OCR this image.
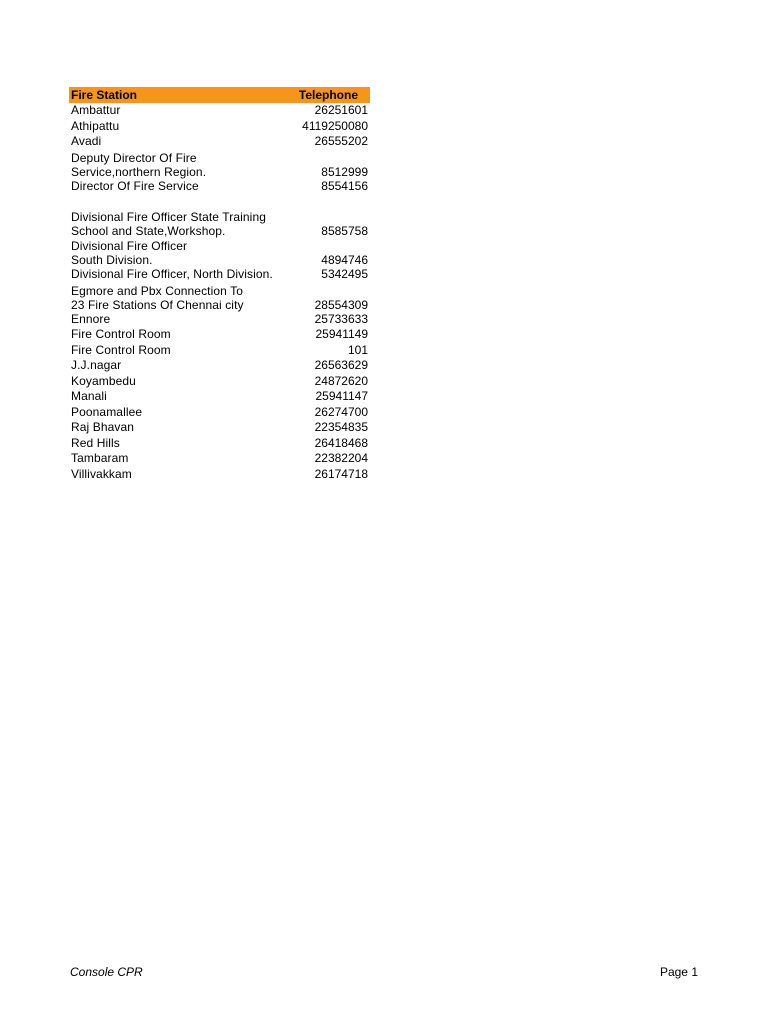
Fire Station	Telephone
Ambattur	26251601
Athipattu	4119250080
Avadi	26555202
Deputy Director Of Fire
Service,northern Region.	8512999
Director Of Fire Service	8554156
Divisional Fire Officer State Training
School and State,Workshop.	8585758
Divisional Fire Officer
South Division.	4894746
Divisional Fire Officer, North Division.	5342495
Egmore and Pbx Connection To
23 Fire Stations Of Chennai city	28554309
Ennore	25733633
Fire Control Room	25941149
Fire Control Room	101
J.J.nagar	26563629
Koyambedu	24872620
Manali	25941147
Poonamallee	26274700
Raj Bhavan	22354835
Red Hills	26418468
Tambaram	22382204
Villivakkam	26174718
Console CPR	Page 1
